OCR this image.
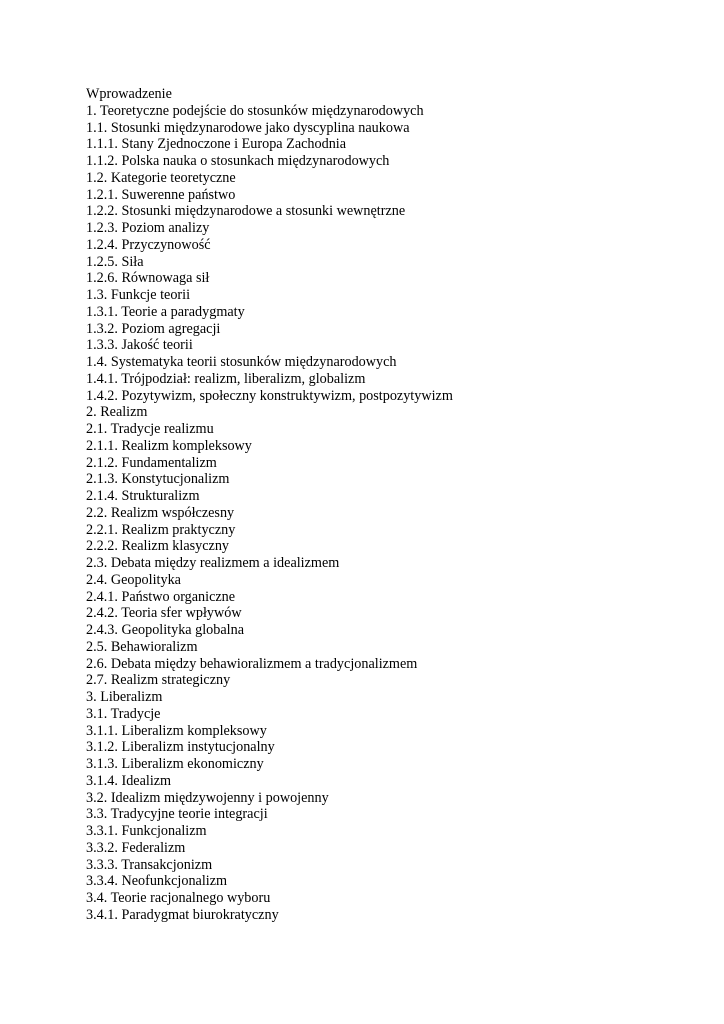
Wprowadzenie
1. Teoretyczne podejście do stosunków międzynarodowych
1.1. Stosunki międzynarodowe jako dyscyplina naukowa
1.1.1. Stany Zjednoczone i Europa Zachodnia
1.1.2. Polska nauka o stosunkach międzynarodowych
1.2. Kategorie teoretyczne
1.2.1. Suwerenne państwo
1.2.2. Stosunki międzynarodowe a stosunki wewnętrzne
1.2.3. Poziom analizy
1.2.4. Przyczynowość
1.2.5. Siła
1.2.6. Równowaga sił
1.3. Funkcje teorii
1.3.1. Teorie a paradygmaty
1.3.2. Poziom agregacji
1.3.3. Jakość teorii
1.4. Systematyka teorii stosunków międzynarodowych
1.4.1. Trójpodział: realizm, liberalizm, globalizm
1.4.2. Pozytywizm, społeczny konstruktywizm, postpozytywizm
2. Realizm
2.1. Tradycje realizmu
2.1.1. Realizm kompleksowy
2.1.2. Fundamentalizm
2.1.3. Konstytucjonalizm
2.1.4. Strukturalizm
2.2. Realizm współczesny
2.2.1. Realizm praktyczny
2.2.2. Realizm klasyczny
2.3. Debata między realizmem a idealizmem
2.4. Geopolityka
2.4.1. Państwo organiczne
2.4.2. Teoria sfer wpływów
2.4.3. Geopolityka globalna
2.5. Behawioralizm
2.6. Debata między behawioralizmem a tradycjonalizmem
2.7. Realizm strategiczny
3. Liberalizm
3.1. Tradycje
3.1.1. Liberalizm kompleksowy
3.1.2. Liberalizm instytucjonalny
3.1.3. Liberalizm ekonomiczny
3.1.4. Idealizm
3.2. Idealizm międzywojenny i powojenny
3.3. Tradycyjne teorie integracji
3.3.1. Funkcjonalizm
3.3.2. Federalizm
3.3.3. Transakcjonizm
3.3.4. Neofunkcjonalizm
3.4. Teorie racjonalnego wyboru
3.4.1. Paradygmat biurokratyczny
